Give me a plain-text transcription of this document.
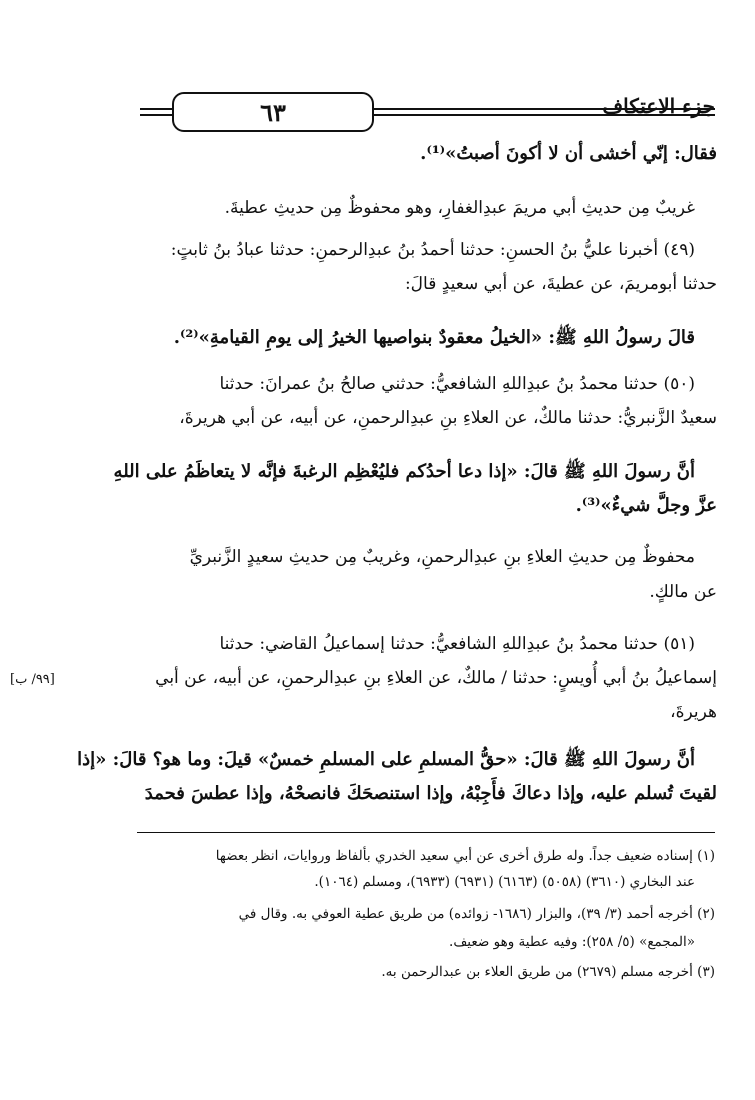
٦٣	جزء الاعتكاف

فقال: إنّي أخشى أن لا أكونَ أصبتُ»⁽¹⁾.

غريبٌ مِن حديثِ أبي مريمَ عبدِالغفارِ، وهو محفوظٌ مِن حديثِ عطيةَ.

(٤٩) أخبرنا عليُّ بنُ الحسنِ: حدثنا أحمدُ بنُ عبدِالرحمنِ: حدثنا عبادُ بنُ ثابتٍ:

حدثنا أبومريمَ، عن عطيةَ، عن أبي سعيدٍ قالَ:

قالَ رسولُ اللهِ ﷺ: «الخيلُ معقودٌ بنواصيها الخيرُ إلى يومِ القيامةِ»⁽²⁾.

(٥٠) حدثنا محمدُ بنُ عبدِاللهِ الشافعيُّ: حدثني صالحُ بنُ عمرانَ: حدثنا

سعيدٌ الزَّنبريُّ: حدثنا مالكٌ، عن العلاءِ بنِ عبدِالرحمنِ، عن أبيه، عن أبي هريرةَ،

أنَّ رسولَ اللهِ ﷺ قالَ: «إذا دعا أحدُكم فليُعْظِم الرغبةَ فإنَّه لا يتعاظَمُ على اللهِ

عزَّ وجلَّ شيءٌ»⁽³⁾.

محفوظٌ مِن حديثِ العلاءِ بنِ عبدِالرحمنِ، وغريبٌ مِن حديثِ سعيدٍ الزَّنبريِّ

عن مالكٍ.

(٥١) حدثنا محمدُ بنُ عبدِاللهِ الشافعيُّ: حدثنا إسماعيلُ القاضي: حدثنا

إسماعيلُ بنُ أبي أُويسٍ: حدثنا / مالكٌ، عن العلاءِ بنِ عبدِالرحمنِ، عن أبيه، عن أبي

هريرةَ،

أنَّ رسولَ اللهِ ﷺ قالَ: «حقُّ المسلمِ على المسلمِ خمسٌ» قيلَ: وما هو؟ قالَ: «إذا

لقيتَ تُسلم عليه، وإذا دعاكَ فأَجِبْهُ، وإذا استنصحَكَ فانصحْهُ، وإذا عطسَ فحمدَ

[٩٩/ ب]
(١) إسناده ضعيف جداً. وله طرق أخرى عن أبي سعيد الخدري بألفاظ وروايات، انظر بعضها
عند البخاري (٣٦١٠) (٥٠٥٨) (٦١٦٣) (٦٩٣١) (٦٩٣٣)، ومسلم (١٠٦٤).
(٢) أخرجه أحمد (٣/ ٣٩)، والبزار (١٦٨٦- زوائده) من طريق عطية العوفي به. وقال في
«المجمع» (٥/ ٢٥٨): وفيه عطية وهو ضعيف.
(٣) أخرجه مسلم (٢٦٧٩) من طريق العلاء بن عبدالرحمن به.
